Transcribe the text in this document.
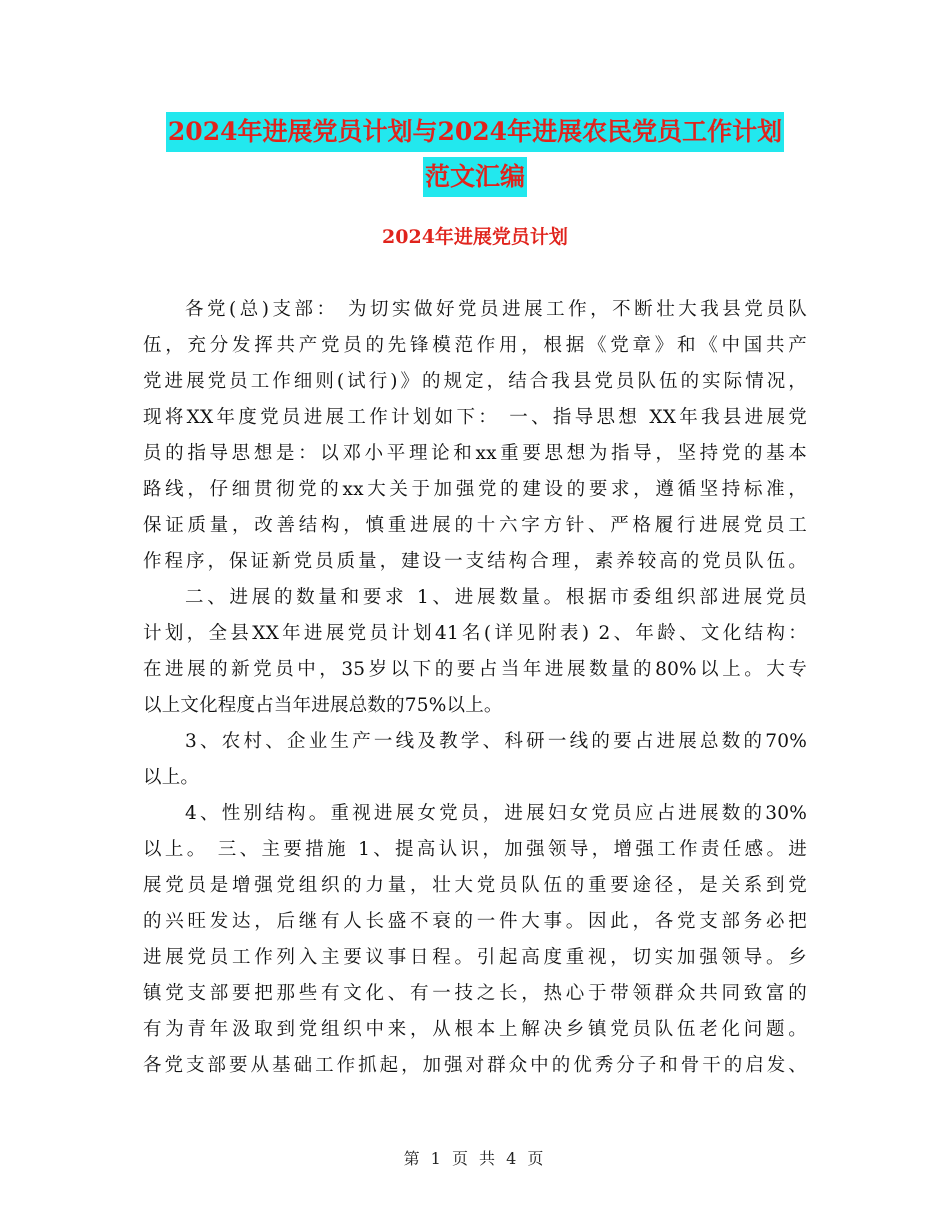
2024年进展党员计划与2024年进展农民党员工作计划
范文汇编
2024年进展党员计划
各党(总)支部： 为切实做好党员进展工作，不断壮大我县党员队
伍，充分发挥共产党员的先锋模范作用，根据《党章》和《中国共产
党进展党员工作细则(试行)》的规定，结合我县党员队伍的实际情况，
现将XX年度党员进展工作计划如下： 一、指导思想 XX年我县进展党
员的指导思想是：以邓小平理论和xx重要思想为指导，坚持党的基本
路线，仔细贯彻党的xx大关于加强党的建设的要求，遵循坚持标准，
保证质量，改善结构，慎重进展的十六字方针、严格履行进展党员工
作程序，保证新党员质量，建设一支结构合理，素养较高的党员队伍。
二、进展的数量和要求 1、进展数量。根据市委组织部进展党员
计划，全县XX年进展党员计划41名(详见附表) 2、年龄、文化结构：
在进展的新党员中，35岁以下的要占当年进展数量的80%以上。大专
以上文化程度占当年进展总数的75%以上。
3、农村、企业生产一线及教学、科研一线的要占进展总数的70%
以上。
4、性别结构。重视进展女党员，进展妇女党员应占进展数的30%
以上。 三、主要措施 1、提高认识，加强领导，增强工作责任感。进
展党员是增强党组织的力量，壮大党员队伍的重要途径，是关系到党
的兴旺发达，后继有人长盛不衰的一件大事。因此，各党支部务必把
进展党员工作列入主要议事日程。引起高度重视，切实加强领导。乡
镇党支部要把那些有文化、有一技之长，热心于带领群众共同致富的
有为青年汲取到党组织中来，从根本上解决乡镇党员队伍老化问题。
各党支部要从基础工作抓起，加强对群众中的优秀分子和骨干的启发、
第 1 页 共 4 页
